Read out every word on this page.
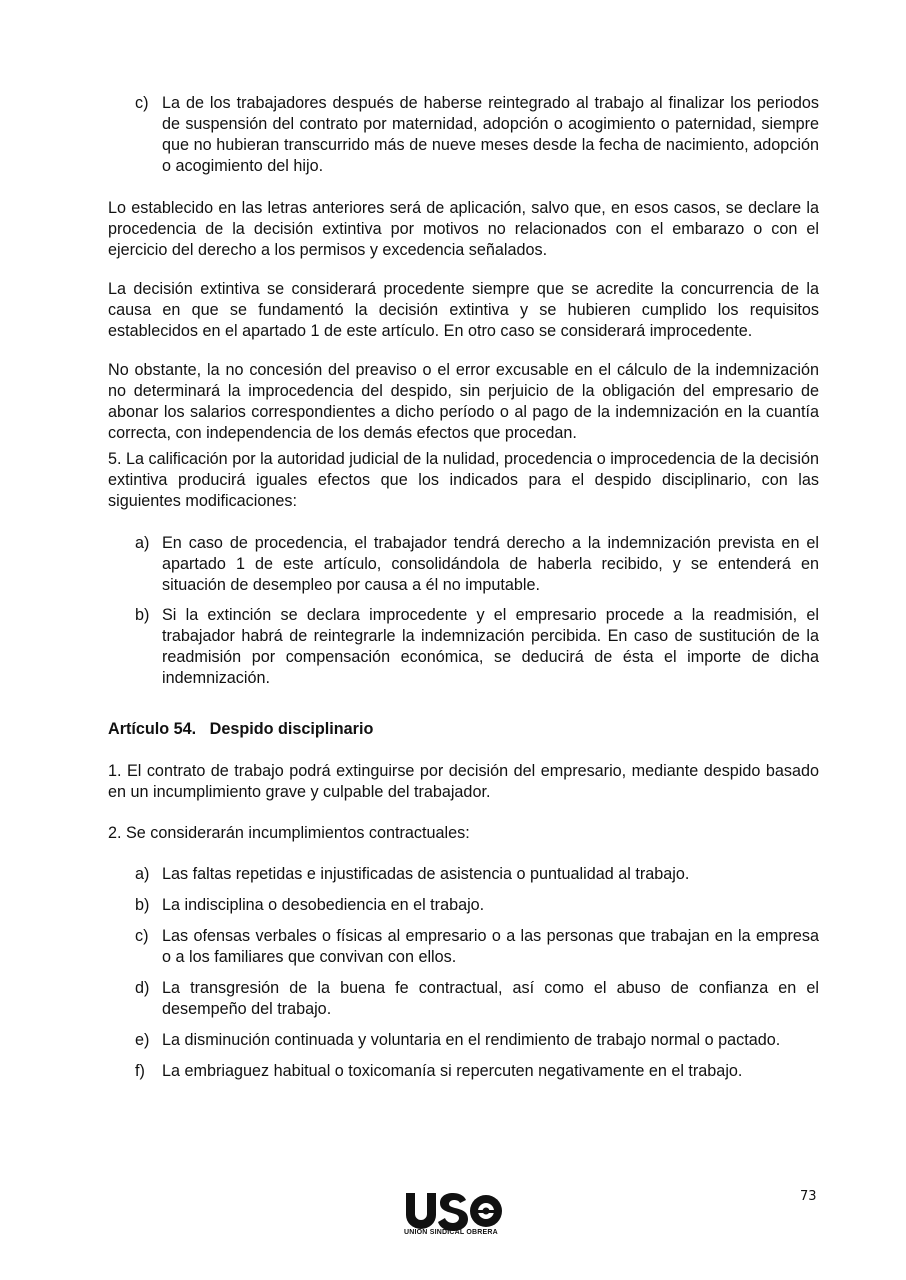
c) La de los trabajadores después de haberse reintegrado al trabajo al finalizar los periodos de suspensión del contrato por maternidad, adopción o acogimiento o paternidad, siempre que no hubieran transcurrido más de nueve meses desde la fecha de nacimiento, adopción o acogimiento del hijo.

Lo establecido en las letras anteriores será de aplicación, salvo que, en esos casos, se declare la procedencia de la decisión extintiva por motivos no relacionados con el embarazo o con el ejercicio del derecho a los permisos y excedencia señalados.

La decisión extintiva se considerará procedente siempre que se acredite la concurrencia de la causa en que se fundamentó la decisión extintiva y se hubieren cumplido los requisitos establecidos en el apartado 1 de este artículo. En otro caso se considerará improcedente.

No obstante, la no concesión del preaviso o el error excusable en el cálculo de la indemnización no determinará la improcedencia del despido, sin perjuicio de la obligación del empresario de abonar los salarios correspondientes a dicho período o al pago de la indemnización en la cuantía correcta, con independencia de los demás efectos que procedan.

5. La calificación por la autoridad judicial de la nulidad, procedencia o improcedencia de la decisión extintiva producirá iguales efectos que los indicados para el despido disciplinario, con las siguientes modificaciones:

a) En caso de procedencia, el trabajador tendrá derecho a la indemnización prevista en el apartado 1 de este artículo, consolidándola de haberla recibido, y se entenderá en situación de desempleo por causa a él no imputable.
b) Si la extinción se declara improcedente y el empresario procede a la readmisión, el trabajador habrá de reintegrarle la indemnización percibida. En caso de sustitución de la readmisión por compensación económica, se deducirá de ésta el importe de dicha indemnización.

Artículo 54.   Despido disciplinario

1. El contrato de trabajo podrá extinguirse por decisión del empresario, mediante despido basado en un incumplimiento grave y culpable del trabajador.

2. Se considerarán incumplimientos contractuales:

a) Las faltas repetidas e injustificadas de asistencia o puntualidad al trabajo.
b) La indisciplina o desobediencia en el trabajo.
c) Las ofensas verbales o físicas al empresario o a las personas que trabajan en la empresa o a los familiares que convivan con ellos.
d) La transgresión de la buena fe contractual, así como el abuso de confianza en el desempeño del trabajo.
e) La disminución continuada y voluntaria en el rendimiento de trabajo normal o pactado.
f) La embriaguez habitual o toxicomanía si repercuten negativamente en el trabajo.
73
UNIÓN SINDICAL OBRERA
